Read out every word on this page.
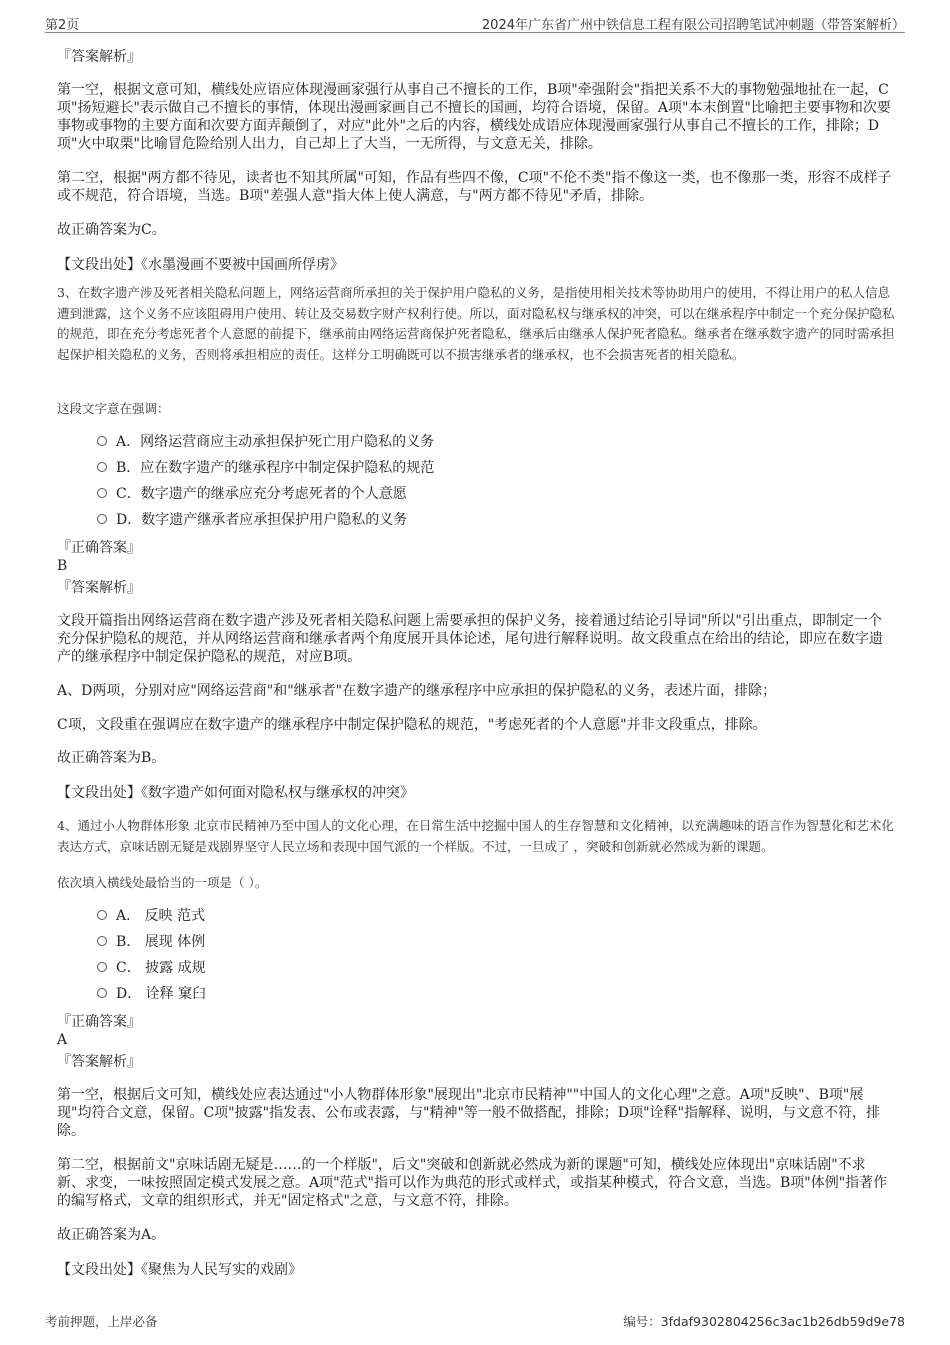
第2页	2024年广东省广州中铁信息工程有限公司招聘笔试冲刺题（带答案解析）
『答案解析』
第一空，根据文意可知，横线处应语应体现漫画家强行从事自己不擅长的工作，B项"牵强附会"指把关系不大的事物勉强地扯在一起，C项"扬短避长"表示做自己不擅长的事情，体现出漫画家画自己不擅长的国画，均符合语境，保留。A项"本末倒置"比喻把主要事物和次要事物或事物的主要方面和次要方面弄颠倒了，对应"此外"之后的内容，横线处成语应体现漫画家强行从事自己不擅长的工作，排除；D项"火中取栗"比喻冒危险给别人出力，自己却上了大当，一无所得，与文意无关，排除。
第二空，根据"两方都不待见，读者也不知其所属"可知，作品有些四不像，C项"不伦不类"指不像这一类，也不像那一类，形容不成样子或不规范，符合语境，当选。B项"差强人意"指大体上使人满意，与"两方都不待见"矛盾，排除。
故正确答案为C。
【文段出处】《水墨漫画不要被中国画所俘虏》
3、在数字遗产涉及死者相关隐私问题上，网络运营商所承担的关于保护用户隐私的义务，是指使用相关技术等协助用户的使用，不得让用户的私人信息遭到泄露，这个义务不应该阻碍用户使用、转让及交易数字财产权利行使。所以，面对隐私权与继承权的冲突，可以在继承程序中制定一个充分保护隐私的规范，即在充分考虑死者个人意愿的前提下，继承前由网络运营商保护死者隐私，继承后由继承人保护死者隐私。继承者在继承数字遗产的同时需承担起保护相关隐私的义务，否则将承担相应的责任。这样分工明确既可以不损害继承者的继承权，也不会损害死者的相关隐私。
这段文字意在强调：
A．网络运营商应主动承担保护死亡用户隐私的义务
B．应在数字遗产的继承程序中制定保护隐私的规范
C．数字遗产的继承应充分考虑死者的个人意愿
D．数字遗产继承者应承担保护用户隐私的义务
『正确答案』
B
『答案解析』
文段开篇指出网络运营商在数字遗产涉及死者相关隐私问题上需要承担的保护义务，接着通过结论引导词"所以"引出重点，即制定一个充分保护隐私的规范，并从网络运营商和继承者两个角度展开具体论述，尾句进行解释说明。故文段重点在给出的结论，即应在数字遗产的继承程序中制定保护隐私的规范，对应B项。
A、D两项，分别对应"网络运营商"和"继承者"在数字遗产的继承程序中应承担的保护隐私的义务，表述片面，排除；
C项，文段重在强调应在数字遗产的继承程序中制定保护隐私的规范，"考虑死者的个人意愿"并非文段重点，排除。
故正确答案为B。
【文段出处】《数字遗产如何面对隐私权与继承权的冲突》
4、通过小人物群体形象 北京市民精神乃至中国人的文化心理，在日常生活中挖掘中国人的生存智慧和文化精神，以充满趣味的语言作为智慧化和艺术化表达方式，京味话剧无疑是戏剧界坚守人民立场和表现中国气派的一个样版。不过，一旦成了 ，突破和创新就必然成为新的课题。
依次填入横线处最恰当的一项是（ ）。
A． 反映 范式
B． 展现 体例
C． 披露 成规
D． 诠释 窠臼
『正确答案』
A
『答案解析』
第一空，根据后文可知，横线处应表达通过"小人物群体形象"展现出"北京市民精神""中国人的文化心理"之意。A项"反映"、B项"展现"均符合文意，保留。C项"披露"指发表、公布或表露，与"精神"等一般不做搭配，排除；D项"诠释"指解释、说明，与文意不符，排除。
第二空，根据前文"京味话剧无疑是……的一个样版"，后文"突破和创新就必然成为新的课题"可知，横线处应体现出"京味话剧"不求新、求变，一味按照固定模式发展之意。A项"范式"指可以作为典范的形式或样式，或指某种模式，符合文意，当选。B项"体例"指著作的编写格式，文章的组织形式，并无"固定格式"之意，与文意不符，排除。
故正确答案为A。
【文段出处】《聚焦为人民写实的戏剧》
考前押题，上岸必备	编号：3fdaf9302804256c3ac1b26db59d9e78
